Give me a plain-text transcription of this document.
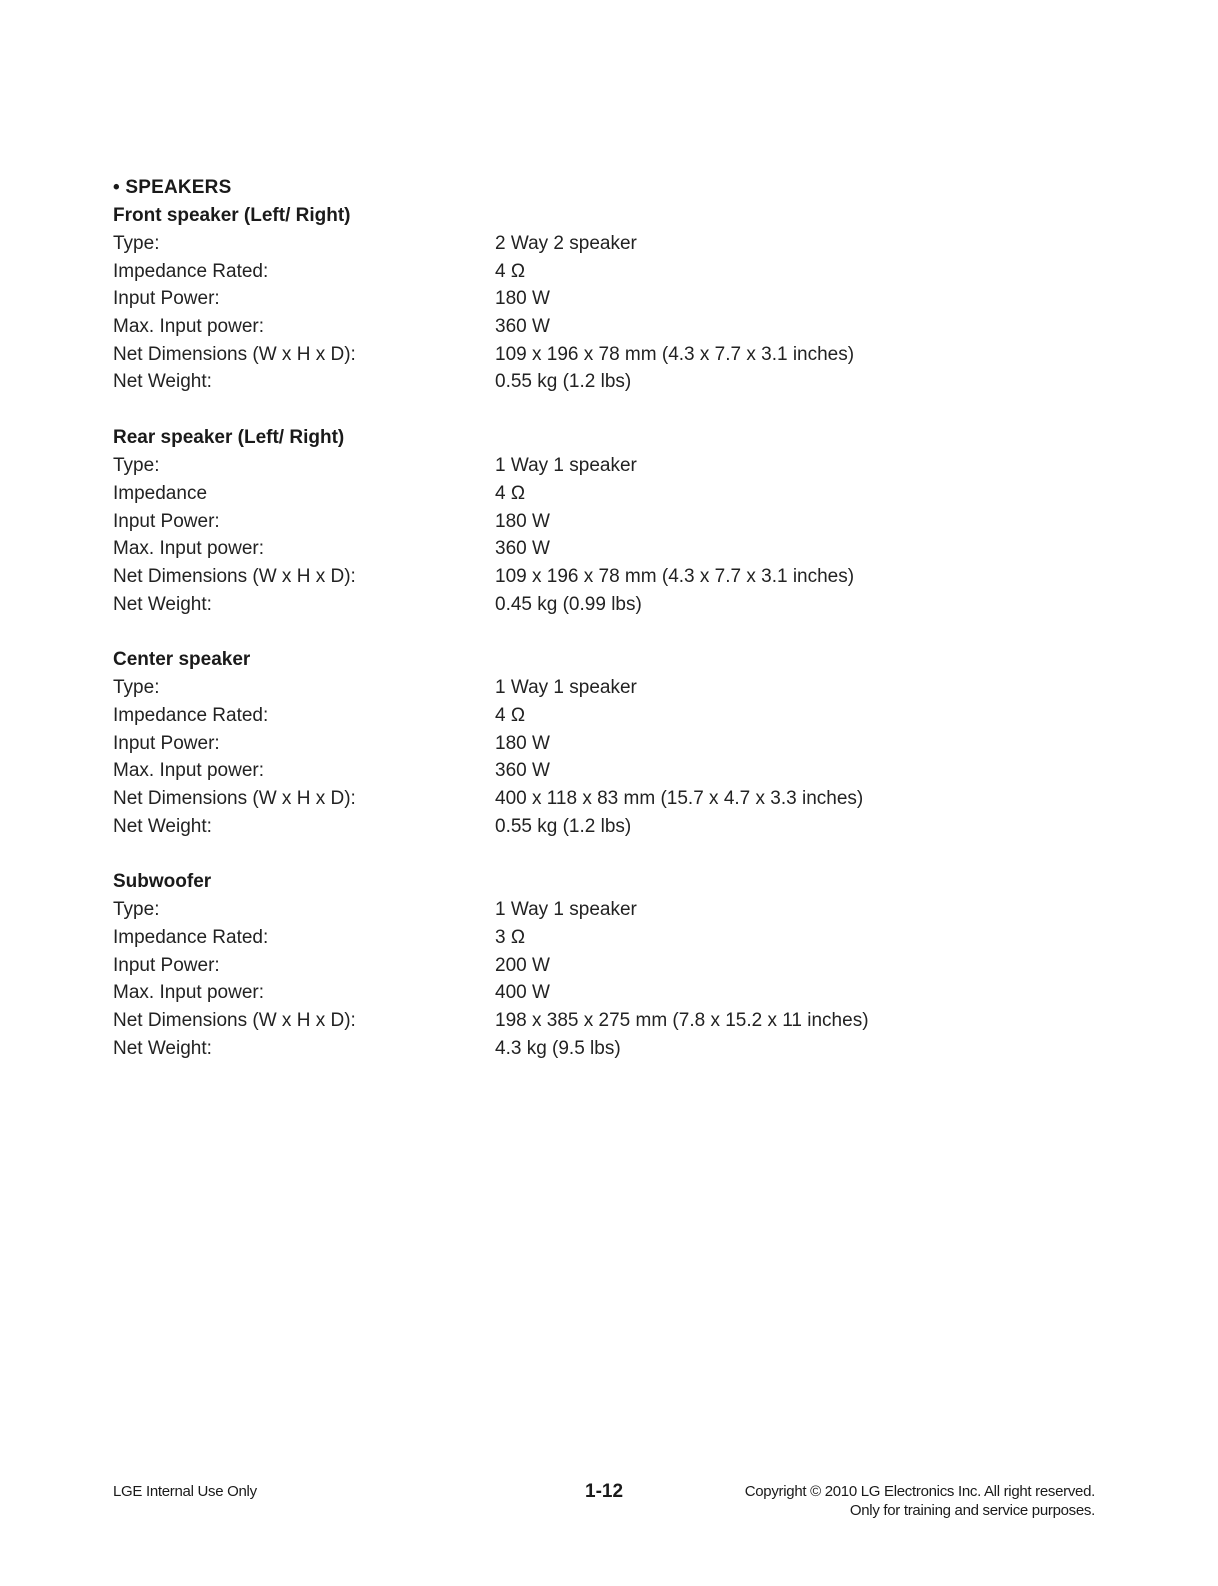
• SPEAKERS
Front speaker (Left/ Right)
Type:	2 Way 2 speaker
Impedance Rated:	4 Ω
Input Power:	180 W
Max. Input power:	360 W
Net Dimensions (W x H x D):	109 x 196 x 78 mm (4.3 x 7.7 x 3.1 inches)
Net Weight:	0.55 kg (1.2 lbs)
Rear speaker (Left/ Right)
Type:	1 Way 1 speaker
Impedance	4 Ω
Input Power:	180 W
Max. Input power:	360 W
Net Dimensions (W x H x D):	109 x 196 x 78 mm (4.3 x 7.7 x 3.1 inches)
Net Weight:	0.45 kg (0.99 lbs)
Center speaker
Type:	1 Way 1 speaker
Impedance Rated:	4 Ω
Input Power:	180 W
Max. Input power:	360 W
Net Dimensions (W x H x D):	400 x 118 x 83 mm (15.7 x 4.7 x 3.3 inches)
Net Weight:	0.55 kg (1.2 lbs)
Subwoofer
Type:	1 Way 1 speaker
Impedance Rated:	3 Ω
Input Power:	200 W
Max. Input power:	400 W
Net Dimensions (W x H x D):	198 x 385 x 275 mm (7.8 x 15.2 x 11 inches)
Net Weight:	4.3 kg (9.5 lbs)
LGE Internal Use Only	1-12	Copyright © 2010 LG Electronics Inc. All right reserved.
Only for training and service purposes.
